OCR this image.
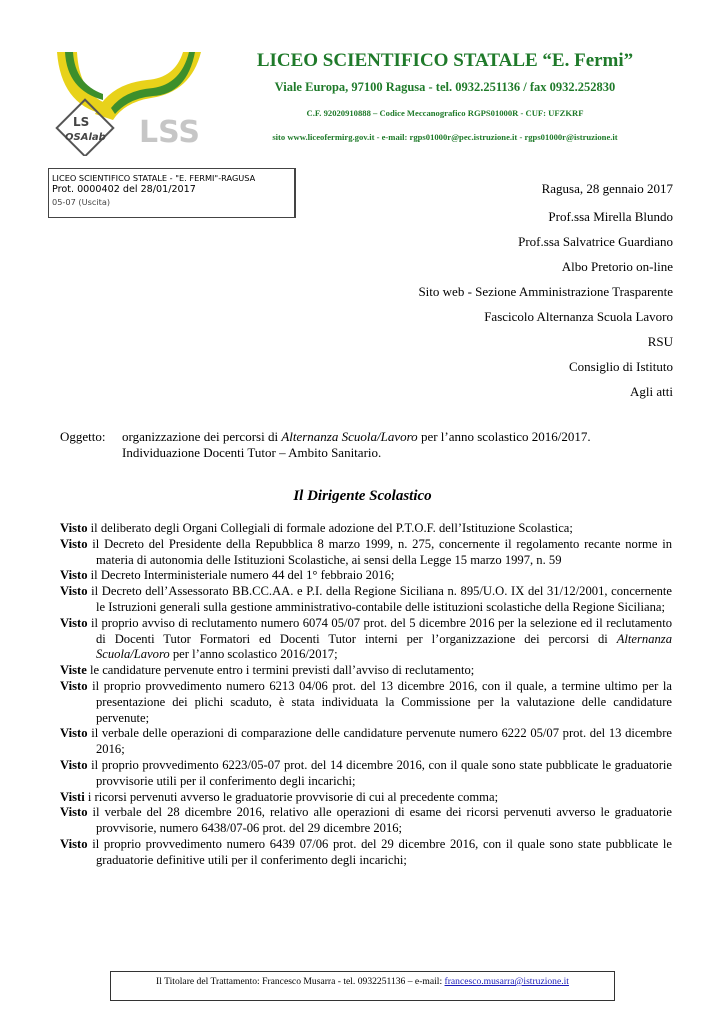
LS
OSAlab LSS
LICEO SCIENTIFICO STATALE “E. Fermi”
Viale Europa, 97100 Ragusa - tel. 0932.251136 / fax 0932.252830
C.F. 92020910888 – Codice Meccanografico RGPS01000R - CUF: UFZKRF
sito www.liceofermirg.gov.it - e-mail: rgps01000r@pec.istruzione.it - rgps01000r@istruzione.it
LICEO SCIENTIFICO STATALE - "E. FERMI"-RAGUSA
Prot. 0000402 del 28/01/2017
05-07 (Uscita)
Ragusa, 28 gennaio 2017
Prof.ssa Mirella Blundo
Prof.ssa Salvatrice Guardiano
Albo Pretorio on-line
Sito web - Sezione Amministrazione Trasparente
Fascicolo Alternanza Scuola Lavoro
RSU
Consiglio di Istituto
Agli atti
Oggetto: organizzazione dei percorsi di Alternanza Scuola/Lavoro per l’anno scolastico 2016/2017.
Individuazione Docenti Tutor – Ambito Sanitario.
Il Dirigente Scolastico

Visto il deliberato degli Organi Collegiali di formale adozione del P.T.O.F. dell’Istituzione Scolastica;

Visto il Decreto del Presidente della Repubblica 8 marzo 1999, n. 275, concernente il regolamento recante norme in materia di autonomia delle Istituzioni Scolastiche, ai sensi della Legge 15 marzo 1997, n. 59

Visto il Decreto Interministeriale numero 44 del 1° febbraio 2016;

Visto il Decreto dell’Assessorato BB.CC.AA. e P.I. della Regione Siciliana n. 895/U.O. IX del 31/12/2001, concernente le Istruzioni generali sulla gestione amministrativo-contabile delle istituzioni scolastiche della Regione Siciliana;

Visto il proprio avviso di reclutamento numero 6074 05/07 prot. del 5 dicembre 2016 per la selezione ed il reclutamento di Docenti Tutor Formatori ed Docenti Tutor interni per l’organizzazione dei percorsi di Alternanza Scuola/Lavoro per l’anno scolastico 2016/2017;

Viste le candidature pervenute entro i termini previsti dall’avviso di reclutamento;

Visto il proprio provvedimento numero 6213 04/06 prot. del 13 dicembre 2016, con il quale, a termine ultimo per la presentazione dei plichi scaduto, è stata individuata la Commissione per la valutazione delle candidature pervenute;

Visto il verbale delle operazioni di comparazione delle candidature pervenute numero 6222 05/07 prot. del 13 dicembre 2016;

Visto il proprio provvedimento 6223/05-07 prot. del 14 dicembre 2016, con il quale sono state pubblicate le graduatorie provvisorie utili per il conferimento degli incarichi;

Visti i ricorsi pervenuti avverso le graduatorie provvisorie di cui al precedente comma;

Visto il verbale del 28 dicembre 2016, relativo alle operazioni di esame dei ricorsi pervenuti avverso le graduatorie provvisorie, numero 6438/07-06 prot. del 29 dicembre 2016;

Visto il proprio provvedimento numero 6439 07/06 prot. del 29 dicembre 2016, con il quale sono state pubblicate le graduatorie definitive utili per il conferimento degli incarichi;

Il Titolare del Trattamento: Francesco Musarra - tel. 0932251136 – e-mail: francesco.musarra@istruzione.it
